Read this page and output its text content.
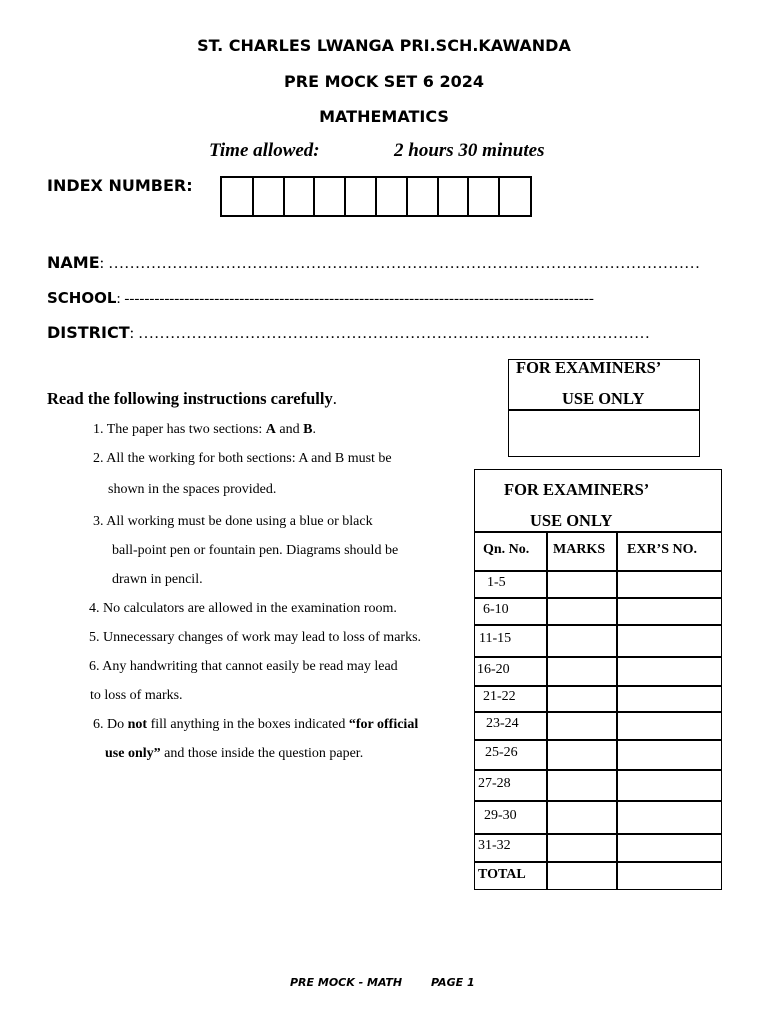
ST. CHARLES LWANGA PRI.SCH.KAWANDA
PRE MOCK SET 6 2024
MATHEMATICS
Time allowed:	2 hours 30 minutes
INDEX NUMBER:
NAME: …………………………………………………………………………………………………
SCHOOL: ----------------------------------------------------------------------------------------------
DISTRICT: ……………………………………………………………………………………
FOR EXAMINERS’
USE ONLY
Read the following instructions carefully.
1. The paper has two sections: A and B.
2. All the working for both sections: A and B must be
shown in the spaces provided.
3. All working must be done using a blue or black
ball-point pen or fountain pen. Diagrams should be
drawn in pencil.
4. No calculators are allowed in the examination room.
5. Unnecessary changes of work may lead to loss of marks.
6. Any handwriting that cannot easily be read may lead
to loss of marks.
6. Do not fill anything in the boxes indicated “for official
use only” and those inside the question paper.
FOR EXAMINERS’
USE ONLY
Qn. No. MARKS EXR’S NO.
1-5
6-10
11-15
16-20
21-22
23-24
25-26
27-28
29-30
31-32
TOTAL
PRE MOCK - MATH	PAGE 1
